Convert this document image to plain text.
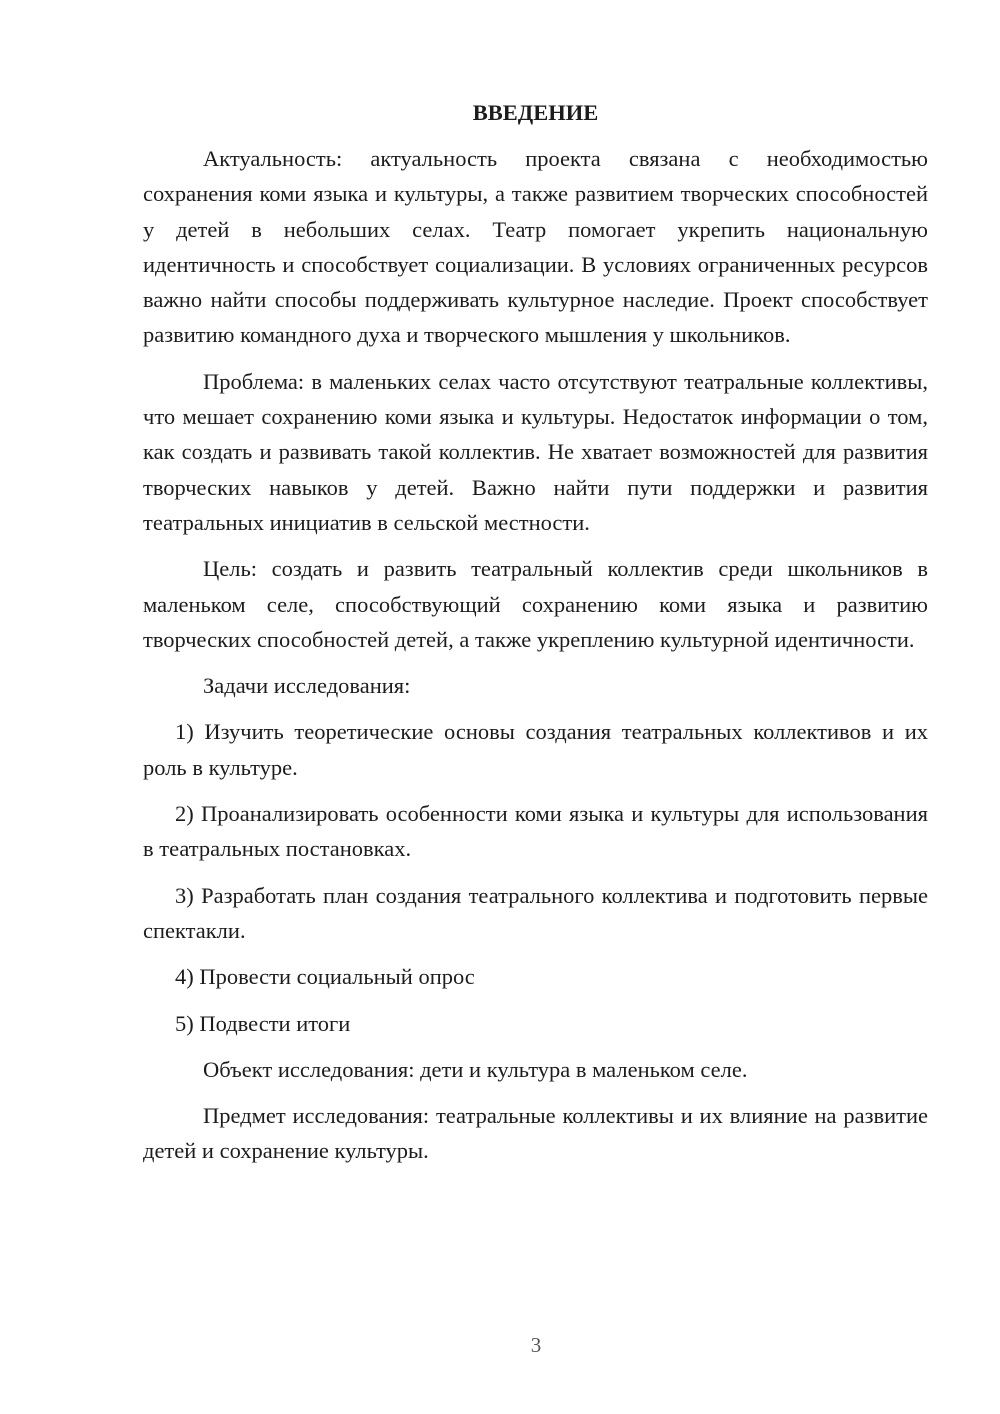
ВВЕДЕНИЕ

Актуальность: актуальность проекта связана с необходимостью сохранения коми языка и культуры, а также развитием творческих способностей у детей в небольших селах. Театр помогает укрепить национальную идентичность и способствует социализации. В условиях ограниченных ресурсов важно найти способы поддерживать культурное наследие. Проект способствует развитию командного духа и творческого мышления у школьников.

Проблема: в маленьких селах часто отсутствуют театральные коллективы, что мешает сохранению коми языка и культуры. Недостаток информации о том, как создать и развивать такой коллектив. Не хватает возможностей для развития творческих навыков у детей. Важно найти пути поддержки и развития театральных инициатив в сельской местности.

Цель: создать и развить театральный коллектив среди школьников в маленьком селе, способствующий сохранению коми языка и развитию творческих способностей детей, а также укреплению культурной идентичности.

Задачи исследования:

1) Изучить теоретические основы создания театральных коллективов и их роль в культуре.

2) Проанализировать особенности коми языка и культуры для использования в театральных постановках.

3) Разработать план создания театрального коллектива и подготовить первые спектакли.

4) Провести социальный опрос

5) Подвести итоги

Объект исследования: дети и культура в маленьком селе.

Предмет исследования: театральные коллективы и их влияние на развитие детей и сохранение культуры.

3
